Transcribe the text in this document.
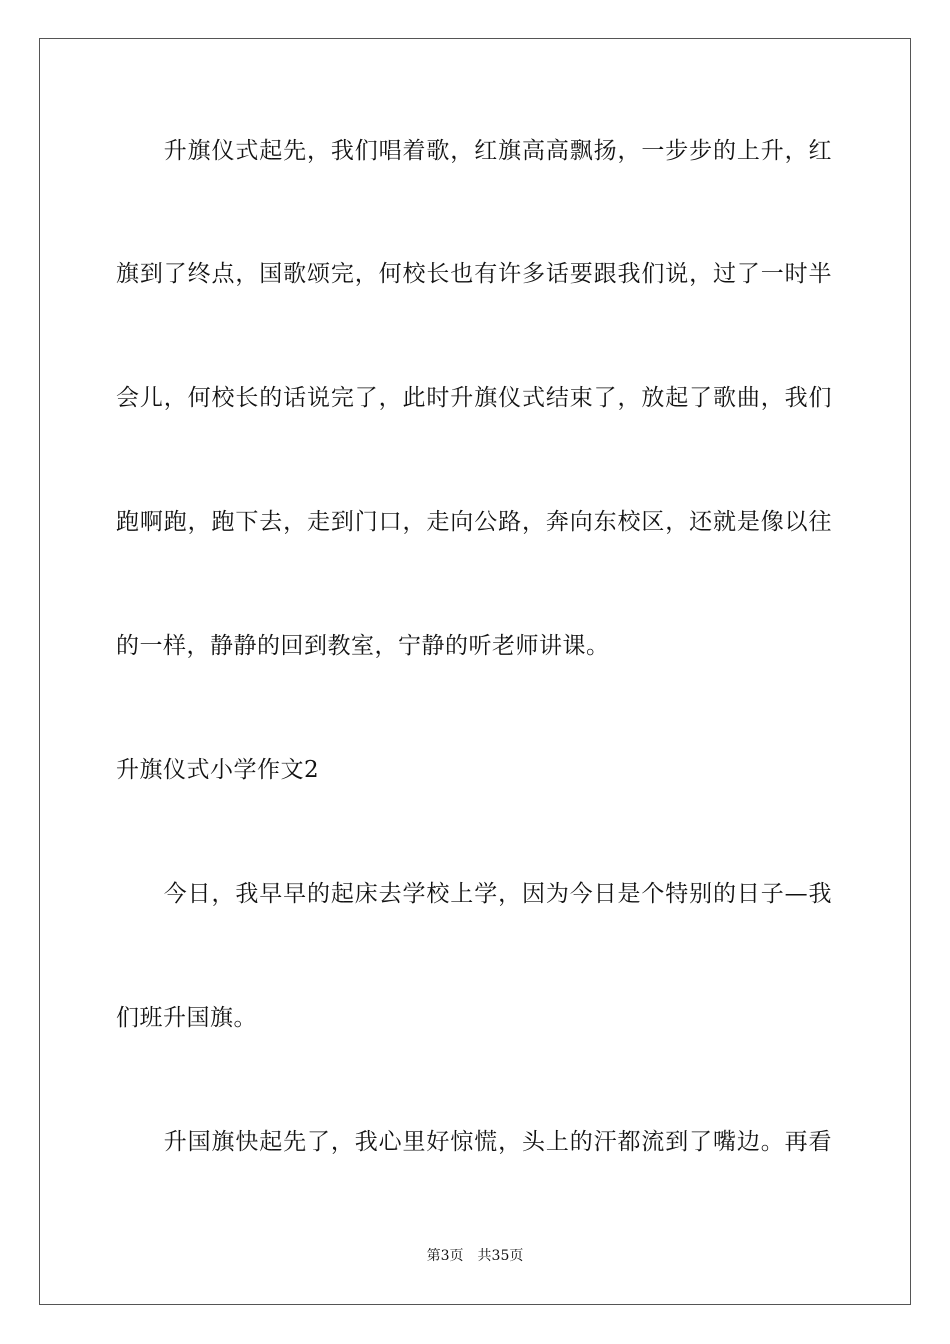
　　升旗仪式起先，我们唱着歌，红旗高高飘扬，一步步的上升，红
旗到了终点，国歌颂完，何校长也有许多话要跟我们说，过了一时半
会儿，何校长的话说完了，此时升旗仪式结束了，放起了歌曲，我们
跑啊跑，跑下去，走到门口，走向公路，奔向东校区，还就是像以往
的一样，静静的回到教室，宁静的听老师讲课。
升旗仪式小学作文2
　　今日，我早早的起床去学校上学，因为今日是个特别的日子—我
们班升国旗。
　　升国旗快起先了，我心里好惊慌，头上的汗都流到了嘴边。再看
第3页 共35页
